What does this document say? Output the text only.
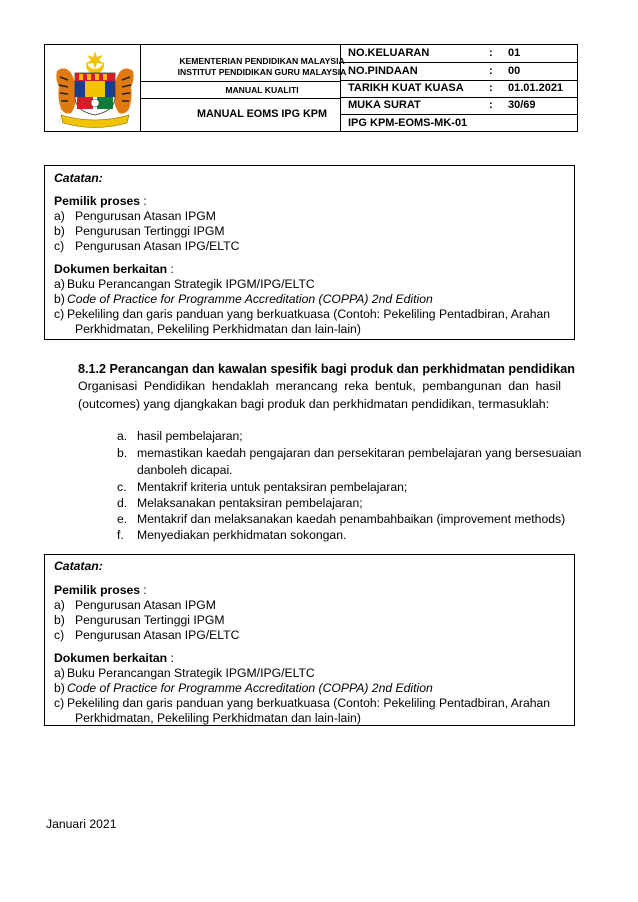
KEMENTERIAN PENDIDIKAN MALAYSIA
INSTITUT PENDIDIKAN GURU MALAYSIA
MANUAL KUALITI
MANUAL EOMS IPG KPM
NO.KELUARAN	: 01
NO.PINDAAN	: 00
TARIKH KUAT KUASA : 01.01.2021
MUKA SURAT	: 30/69
IPG KPM-EOMS-MK-01
Catatan:
Pemilik proses :
a) Pengurusan Atasan IPGM
b) Pengurusan Tertinggi IPGM
c) Pengurusan Atasan IPG/ELTC
Dokumen berkaitan :
a) Buku Perancangan Strategik IPGM/IPG/ELTC
b) Code of Practice for Programme Accreditation (COPPA) 2nd Edition
c) Pekeliling dan garis panduan yang berkuatkuasa (Contoh: Pekeliling Pentadbiran, Arahan
Perkhidmatan, Pekeliling Perkhidmatan dan lain-lain)
8.1.2 Perancangan dan kawalan spesifik bagi produk dan perkhidmatan pendidikan
Organisasi Pendidikan hendaklah merancang reka bentuk, pembangunan dan hasil
(outcomes) yang djangkakan bagi produk dan perkhidmatan pendidikan, termasuklah:
a. hasil pembelajaran;
b. memastikan kaedah pengajaran dan persekitaran pembelajaran yang bersesuaian
danboleh dicapai.
c. Mentakrif kriteria untuk pentaksiran pembelajaran;
d. Melaksanakan pentaksiran pembelajaran;
e. Mentakrif dan melaksanakan kaedah penambahbaikan (improvement methods)
f.	Menyediakan perkhidmatan sokongan.
Catatan:
Pemilik proses :
a) Pengurusan Atasan IPGM
b) Pengurusan Tertinggi IPGM
c) Pengurusan Atasan IPG/ELTC
Dokumen berkaitan :
a) Buku Perancangan Strategik IPGM/IPG/ELTC
b) Code of Practice for Programme Accreditation (COPPA) 2nd Edition
c) Pekeliling dan garis panduan yang berkuatkuasa (Contoh: Pekeliling Pentadbiran, Arahan
Perkhidmatan, Pekeliling Perkhidmatan dan lain-lain)
Januari 2021
